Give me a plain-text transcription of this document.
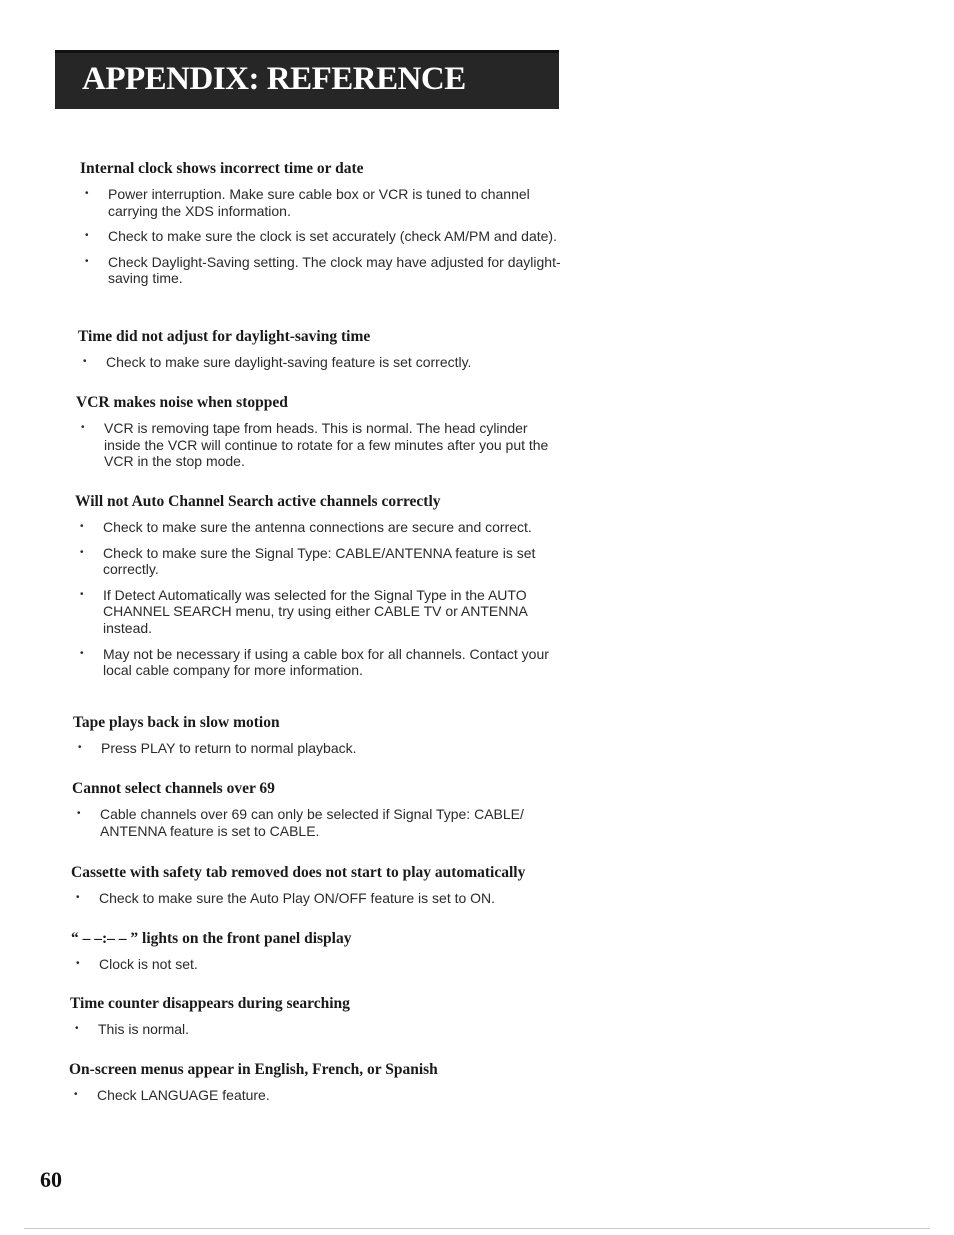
APPENDIX: REFERENCE
Internal clock shows incorrect time or date
• Power interruption. Make sure cable box or VCR is tuned to channel carrying the XDS information.
• Check to make sure the clock is set accurately (check AM/PM and date).
• Check Daylight-Saving setting. The clock may have adjusted for daylight-saving time.
Time did not adjust for daylight-saving time
• Check to make sure daylight-saving feature is set correctly.
VCR makes noise when stopped
• VCR is removing tape from heads. This is normal. The head cylinder inside the VCR will continue to rotate for a few minutes after you put the VCR in the stop mode.
Will not Auto Channel Search active channels correctly
• Check to make sure the antenna connections are secure and correct.
• Check to make sure the Signal Type: CABLE/ANTENNA feature is set correctly.
• If Detect Automatically was selected for the Signal Type in the AUTO CHANNEL SEARCH menu, try using either CABLE TV or ANTENNA instead.
• May not be necessary if using a cable box for all channels. Contact your local cable company for more information.
Tape plays back in slow motion
• Press PLAY to return to normal playback.
Cannot select channels over 69
• Cable channels over 69 can only be selected if Signal Type: CABLE/ ANTENNA feature is set to CABLE.
Cassette with safety tab removed does not start to play automatically
• Check to make sure the Auto Play ON/OFF feature is set to ON.
“ – –:– – ” lights on the front panel display
• Clock is not set.
Time counter disappears during searching
• This is normal.
On-screen menus appear in English, French, or Spanish
• Check LANGUAGE feature.
60
